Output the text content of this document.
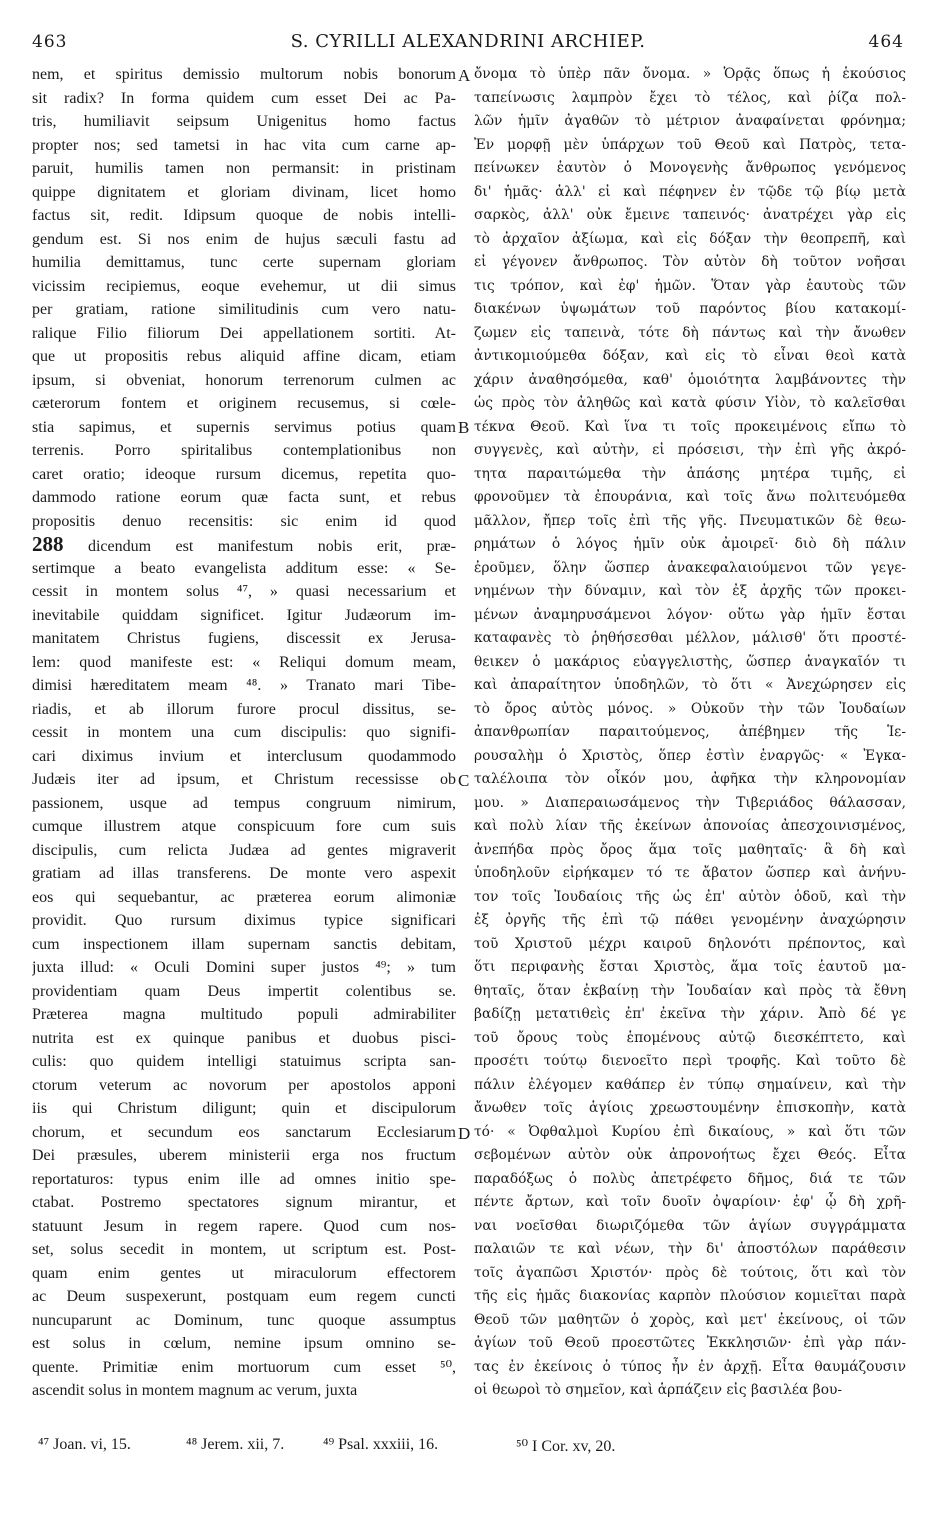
463	S. CYRILLI ALEXANDRINI ARCHIEP.	464
nem, et spiritus demissio multorum nobis bonorum
sit radix? In forma quidem cum esset Dei ac Pa-
tris, humiliavit seipsum Unigenitus homo factus
propter nos; sed tametsi in hac vita cum carne ap-
paruit, humilis tamen non permansit: in pristinam
quippe dignitatem et gloriam divinam, licet homo
factus sit, redit. Idipsum quoque de nobis intelli-
gendum est. Si nos enim de hujus sæculi fastu ad
humilia demittamus, tunc certe supernam gloriam
vicissim recipiemus, eoque evehemur, ut dii simus
per gratiam, ratione similitudinis cum vero natu-
ralique Filio filiorum Dei appellationem sortiti. At-
que ut propositis rebus aliquid affine dicam, etiam
ipsum, si obveniat, honorum terrenorum culmen ac
cæterorum fontem et originem recusemus, si cœle-
stia sapimus, et supernis servimus potius quam
terrenis. Porro spiritalibus contemplationibus non
caret oratio; ideoque rursum dicemus, repetita quo-
dammodo ratione eorum quæ facta sunt, et rebus
propositis denuo recensitis: sic enim id quod
288 dicendum est manifestum nobis erit, præ-
sertimque a beato evangelista additum esse: « Se-
cessit in montem solus ⁴⁷, » quasi necessarium et
inevitabile quiddam significet. Igitur Judæorum im-
manitatem Christus fugiens, discessit ex Jerusa-
lem: quod manifeste est: « Reliqui domum meam,
dimisi hæreditatem meam ⁴⁸. » Tranato mari Tibe-
riadis, et ab illorum furore procul dissitus, se-
cessit in montem una cum discipulis: quo signifi-
cari diximus invium et interclusum quodammodo
Judæis iter ad ipsum, et Christum recessisse ob
passionem, usque ad tempus congruum nimirum,
cumque illustrem atque conspicuum fore cum suis
discipulis, cum relicta Judæa ad gentes migraverit
gratiam ad illas transferens. De monte vero aspexit
eos qui sequebantur, ac præterea eorum alimoniæ
providit. Quo rursum diximus typice significari
cum inspectionem illam supernam sanctis debitam,
juxta illud: « Oculi Domini super justos ⁴⁹; » tum
providentiam quam Deus impertit colentibus se.
Præterea magna multitudo populi admirabiliter
nutrita est ex quinque panibus et duobus pisci-
culis: quo quidem intelligi statuimus scripta san-
ctorum veterum ac novorum per apostolos apponi
iis qui Christum diligunt; quin et discipulorum
chorum, et secundum eos sanctarum Ecclesiarum
Dei præsules, uberem ministerii erga nos fructum
reportaturos: typus enim ille ad omnes initio spe-
ctabat. Postremo spectatores signum mirantur, et
statuunt Jesum in regem rapere. Quod cum nos-
set, solus secedit in montem, ut scriptum est. Post-
quam enim gentes ut miraculorum effectorem
ac Deum suspexerunt, postquam eum regem cuncti
nuncuparunt ac Dominum, tunc quoque assumptus
est solus in cœlum, nemine ipsum omnino se-
quente. Primitiæ enim mortuorum cum esset ⁵⁰,
ascendit solus in montem magnum ac verum, juxta
ὄνομα τὸ ὑπὲρ πᾶν ὄνομα. » Ὁρᾷς ὅπως ἡ ἑκούσιος
ταπείνωσις λαμπρὸν ἔχει τὸ τέλος, καὶ ῥίζα πολ-
λῶν ἡμῖν ἀγαθῶν τὸ μέτριον ἀναφαίνεται φρόνημα;
Ἐν μορφῇ μὲν ὑπάρχων τοῦ Θεοῦ καὶ Πατρὸς, τετα-
πείνωκεν ἑαυτὸν ὁ Μονογενὴς ἄνθρωπος γενόμενος
δι' ἡμᾶς· ἀλλ' εἰ καὶ πέφηνεν ἐν τῷδε τῷ βίῳ μετὰ
σαρκὸς, ἀλλ' οὐκ ἔμεινε ταπεινός· ἀνατρέχει γὰρ εἰς
τὸ ἀρχαῖον ἀξίωμα, καὶ εἰς δόξαν τὴν θεοπρεπῆ, καὶ
εἰ γέγονεν ἄνθρωπος. Τὸν αὐτὸν δὴ τοῦτον νοῆσαι
τις τρόπον, καὶ ἐφ' ἡμῶν. Ὅταν γὰρ ἑαυτοὺς τῶν
διακένων ὑψωμάτων τοῦ παρόντος βίου κατακομί-
ζωμεν εἰς ταπεινὰ, τότε δὴ πάντως καὶ τὴν ἄνωθεν
ἀντικομιούμεθα δόξαν, καὶ εἰς τὸ εἶναι θεοὶ κατὰ
χάριν ἀναθησόμεθα, καθ' ὁμοιότητα λαμβάνοντες τὴν
ὡς πρὸς τὸν ἀληθῶς καὶ κατὰ φύσιν Υἱὸν, τὸ καλεῖσθαι
τέκνα Θεοῦ. Καὶ ἵνα τι τοῖς προκειμένοις εἴπω τὸ
συγγενὲς, καὶ αὐτὴν, εἰ πρόσεισι, τὴν ἐπὶ γῆς ἀκρό-
τητα παραιτώμεθα τὴν ἁπάσης μητέρα τιμῆς, εἰ
φρονοῦμεν τὰ ἐπουράνια, καὶ τοῖς ἄνω πολιτευόμεθα
μᾶλλον, ἤπερ τοῖς ἐπὶ τῆς γῆς. Πνευματικῶν δὲ θεω-
ρημάτων ὁ λόγος ἡμῖν οὐκ ἀμοιρεῖ· διὸ δὴ πάλιν
ἐροῦμεν, ὅλην ὥσπερ ἀνακεφαλαιούμενοι τῶν γεγε-
νημένων τὴν δύναμιν, καὶ τὸν ἐξ ἀρχῆς τῶν προκει-
μένων ἀναμηρυσάμενοι λόγον· οὕτω γὰρ ἡμῖν ἔσται
καταφανὲς τὸ ῥηθήσεσθαι μέλλον, μάλισθ' ὅτι προστέ-
θεικεν ὁ μακάριος εὐαγγελιστὴς, ὥσπερ ἀναγκαῖόν τι
καὶ ἀπαραίτητον ὑποδηλῶν, τὸ ὅτι « Ἀνεχώρησεν εἰς
τὸ ὄρος αὐτὸς μόνος. » Οὐκοῦν τὴν τῶν Ἰουδαίων
ἀπανθρωπίαν παραιτούμενος, ἀπέβημεν τῆς Ἱε-
ρουσαλὴμ ὁ Χριστὸς, ὅπερ ἐστὶν ἐναργῶς· « Ἐγκα-
ταλέλοιπα τὸν οἶκόν μου, ἀφῆκα τὴν κληρονομίαν
μου. » Διαπεραιωσάμενος τὴν Τιβεριάδος θάλασσαν,
καὶ πολὺ λίαν τῆς ἐκείνων ἀπονοίας ἀπεσχοινισμένος,
ἀνεπήδα πρὸς ὄρος ἅμα τοῖς μαθηταῖς· ἃ δὴ καὶ
ὑποδηλοῦν εἰρήκαμεν τό τε ἄβατον ὥσπερ καὶ ἀνήνυ-
τον τοῖς Ἰουδαίοις τῆς ὡς ἐπ' αὐτὸν ὁδοῦ, καὶ τὴν
ἐξ ὀργῆς τῆς ἐπὶ τῷ πάθει γενομένην ἀναχώρησιν
τοῦ Χριστοῦ μέχρι καιροῦ δηλονότι πρέποντος, καὶ
ὅτι περιφανὴς ἔσται Χριστὸς, ἅμα τοῖς ἑαυτοῦ μα-
θηταῖς, ὅταν ἐκβαίνῃ τὴν Ἰουδαίαν καὶ πρὸς τὰ ἔθνη
βαδίζῃ μετατιθεὶς ἐπ' ἐκεῖνα τὴν χάριν. Ἀπὸ δέ γε
τοῦ ὄρους τοὺς ἑπομένους αὐτῷ διεσκέπτετο, καὶ
προσέτι τούτῳ διενοεῖτο περὶ τροφῆς. Καὶ τοῦτο δὲ
πάλιν ἐλέγομεν καθάπερ ἐν τύπῳ σημαίνειν, καὶ τὴν
ἄνωθεν τοῖς ἁγίοις χρεωστουμένην ἐπισκοπὴν, κατὰ
τό· « Ὀφθαλμοὶ Κυρίου ἐπὶ δικαίους, » καὶ ὅτι τῶν
σεβομένων αὐτὸν οὐκ ἀπρονοήτως ἔχει Θεός. Εἶτα
παραδόξως ὁ πολὺς ἀπετρέφετο δῆμος, διά τε τῶν
πέντε ἄρτων, καὶ τοῖν δυοῖν ὀψαρίοιν· ἐφ' ᾧ δὴ χρῆ-
ναι νοεῖσθαι διωριζόμεθα τῶν ἁγίων συγγράμματα
παλαιῶν τε καὶ νέων, τὴν δι' ἀποστόλων παράθεσιν
τοῖς ἀγαπῶσι Χριστόν· πρὸς δὲ τούτοις, ὅτι καὶ τὸν
τῆς εἰς ἡμᾶς διακονίας καρπὸν πλούσιον κομιεῖται παρὰ
Θεοῦ τῶν μαθητῶν ὁ χορὸς, καὶ μετ' ἐκείνους, οἱ τῶν
ἁγίων τοῦ Θεοῦ προεστῶτες Ἐκκλησιῶν· ἐπὶ γὰρ πάν-
τας ἐν ἐκείνοις ὁ τύπος ἦν ἐν ἀρχῇ. Εἶτα θαυμάζουσιν
οἱ θεωροὶ τὸ σημεῖον, καὶ ἁρπάζειν εἰς βασιλέα βου-
A
B
C
D
⁴⁷ Joan. vi, 15.	⁴⁸ Jerem. xii, 7. ⁴⁹ Psal. xxxiii, 16.	⁵⁰ I Cor. xv, 20.
